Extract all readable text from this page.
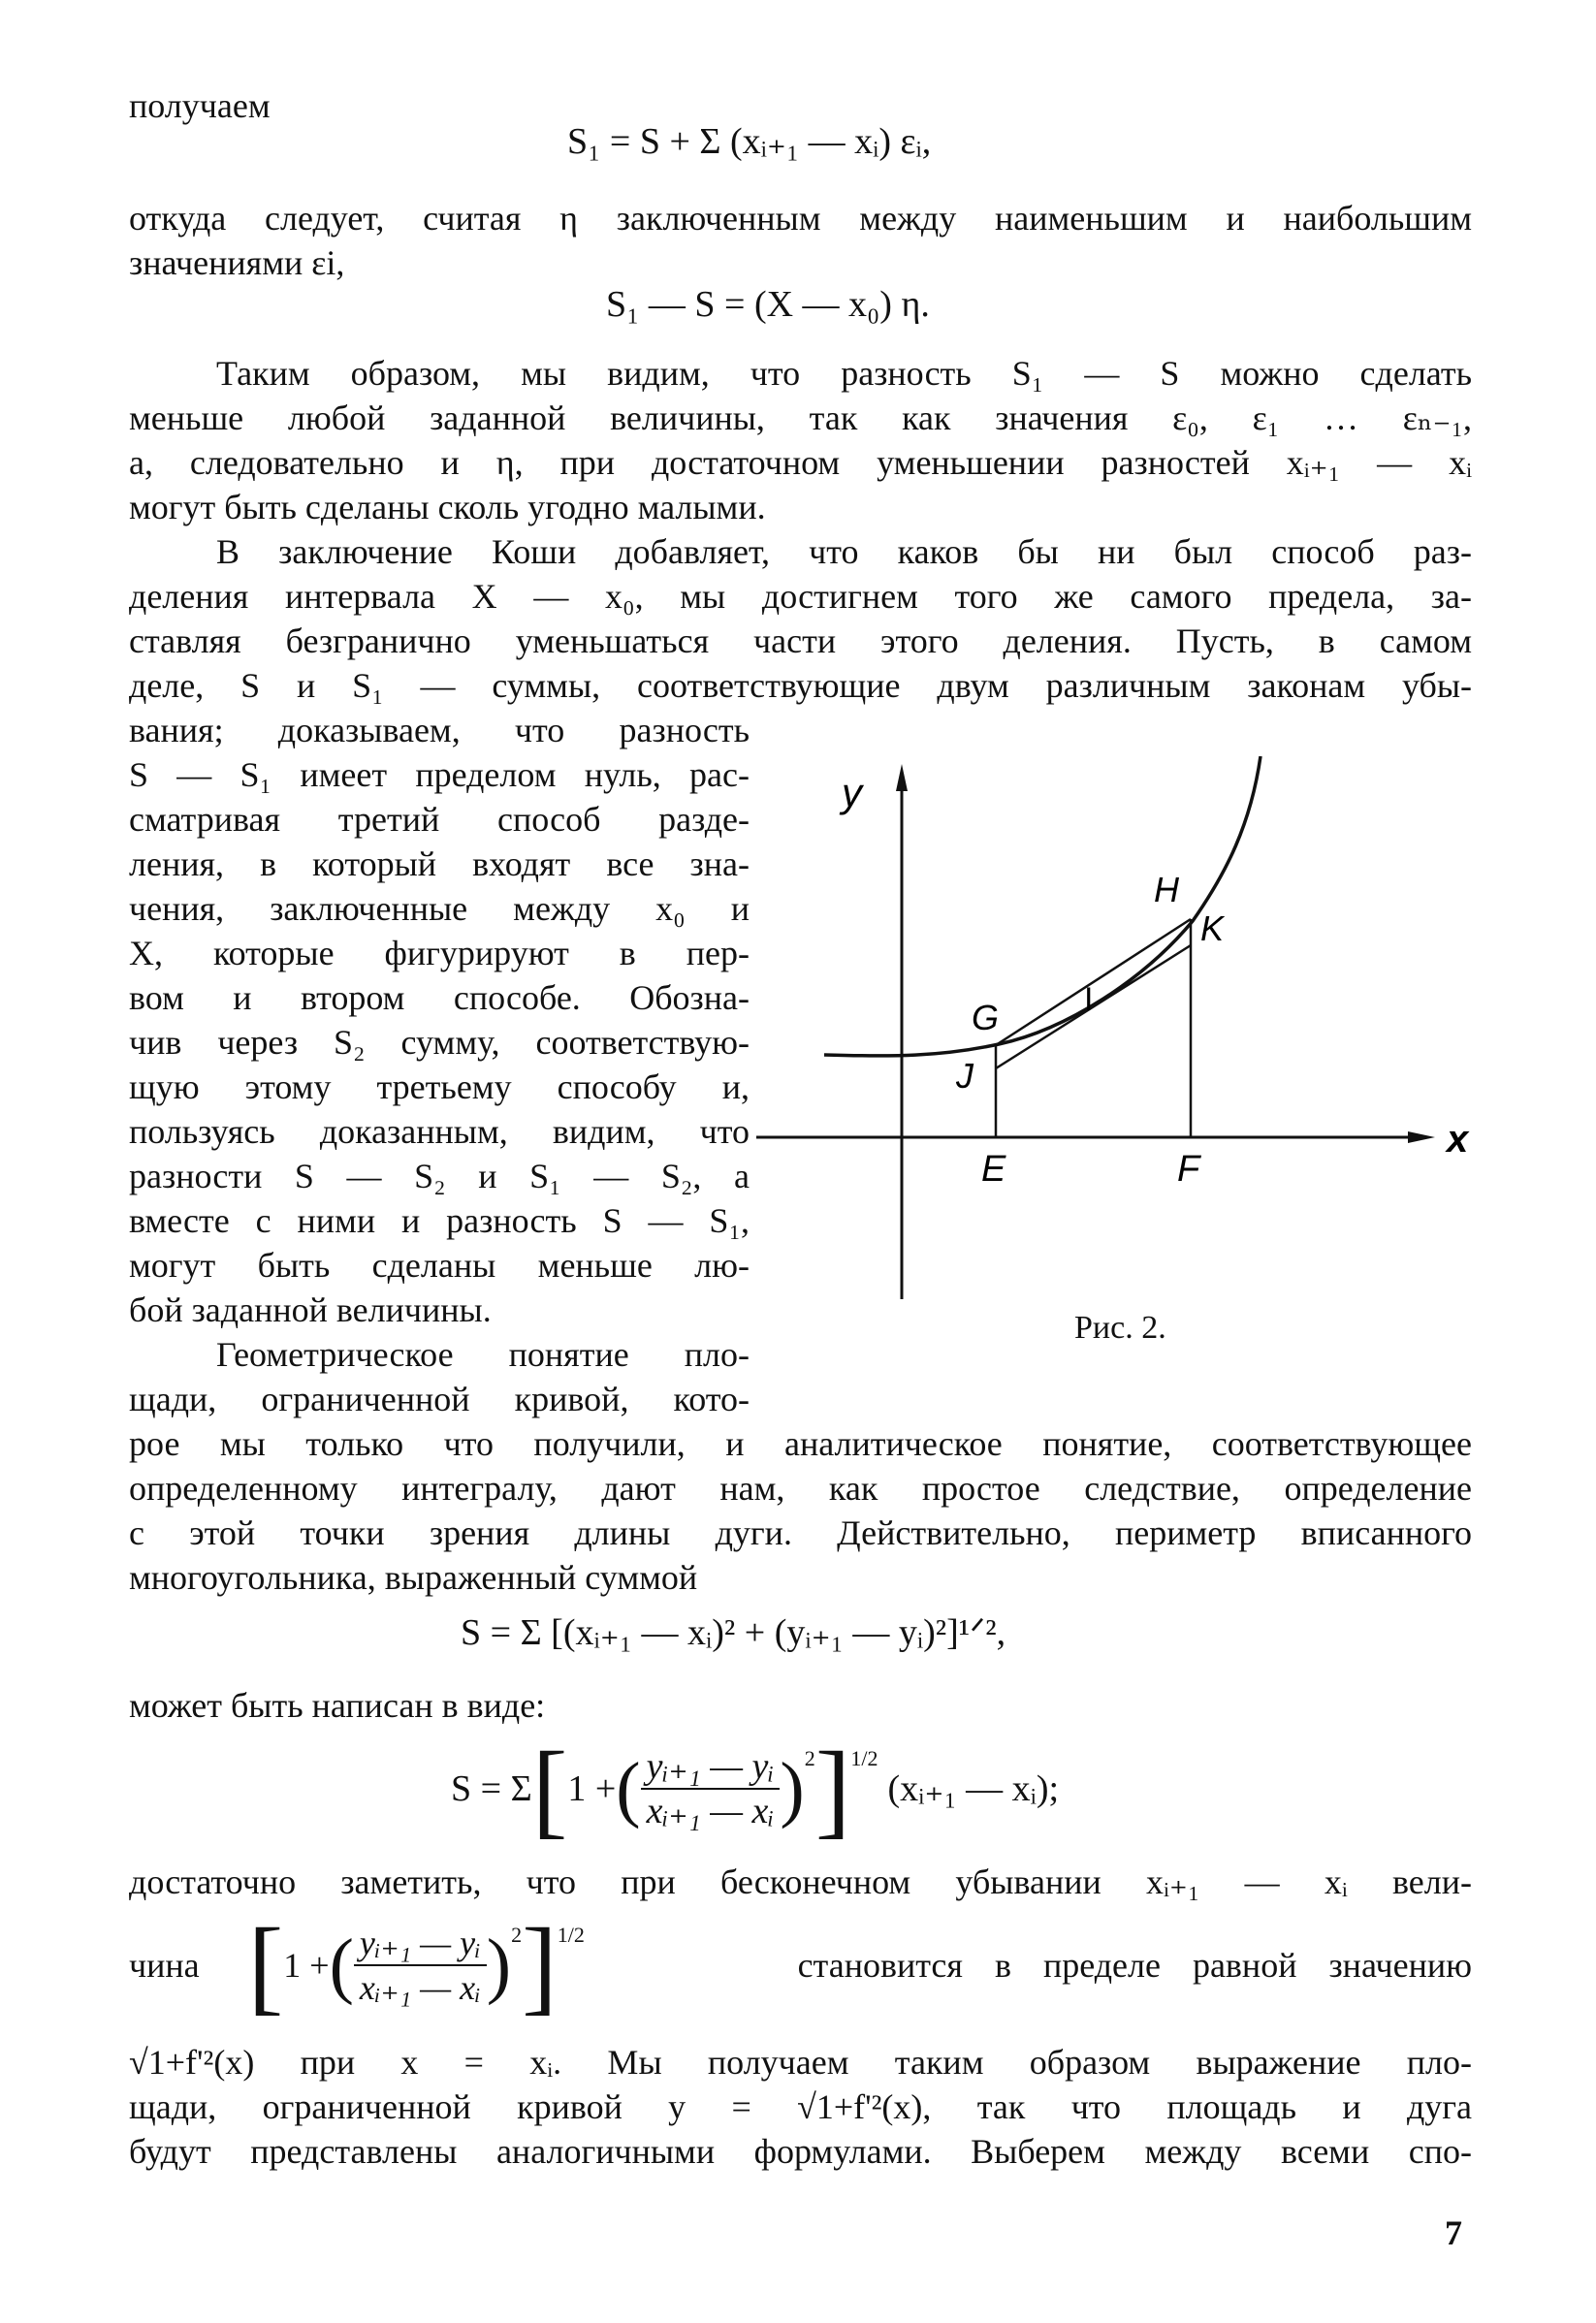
получаем
S₁ = S + Σ (xᵢ₊₁ — xᵢ) εᵢ,
откуда следует, считая η заключенным между наименьшим и наибольшим
значениями εi,
S₁ — S = (X — x₀) η.
Таким образом, мы видим, что разность S₁ — S можно сделать
меньше любой заданной величины, так как значения ε₀, ε₁ … εₙ₋₁,
а, следовательно и η, при достаточном уменьшении разностей xᵢ₊₁ — xᵢ
могут быть сделаны сколь угодно малыми.
В заключение Коши добавляет, что каков бы ни был способ раз-
деления интервала X — x₀, мы достигнем того же самого предела, за-
ставляя безгранично уменьшаться части этого деления. Пусть, в самом
деле, S и S₁ — суммы, соответствующие двум различным законам убы-
вания; доказываем, что разность
S — S₁ имеет пределом нуль, рас-
сматривая третий способ разде-
ления, в который входят все зна-
чения, заключенные между x₀ и
X, которые фигурируют в пер-
вом и втором способе. Обозна-
чив через S₂ сумму, соответствую-
щую этому третьему способу и,
пользуясь доказанным, видим, что
разности S — S₂ и S₁ — S₂, а
вместе с ними и разность S — S₁,
могут быть сделаны меньше лю-
бой заданной величины.
Геометрическое понятие пло-
щади, ограниченной кривой, кото-
рое мы только что получили, и аналитическое понятие, соответствующее
определенному интегралу, дают нам, как простое следствие, определение
с этой точки зрения длины дуги. Действительно, периметр вписанного
многоугольника, выраженный суммой
S = Σ [(xᵢ₊₁ — xᵢ)² + (yᵢ₊₁ — yᵢ)²]¹ᐟ²,
может быть написан в виде:
S = Σ [ 1 + ( $\frac{\text{yᵢ₊₁ — yᵢ}}{\text{xᵢ₊₁ — xᵢ}} )^2$ ]$^{1/2}$
(xᵢ₊₁ — xᵢ);
достаточно заметить, что при бесконечном убывании xᵢ₊₁ — xᵢ вели-
чина [ 1 + ( $\frac{\text{yᵢ₊₁ — yᵢ}}{\text{xᵢ₊₁ — xᵢ}} )^2$ ]$^{1/2}$
становится в пределе равной значению
√1+f'²(x) при x = xᵢ. Мы получаем таким образом выражение пло-
щади, ограниченной кривой y = √1+f'²(x), так что площадь и дуга
будут представлены аналогичными формулами. Выберем между всеми спо-
y
x
H
K
G	I
J
E	F
Рис. 2.
7
